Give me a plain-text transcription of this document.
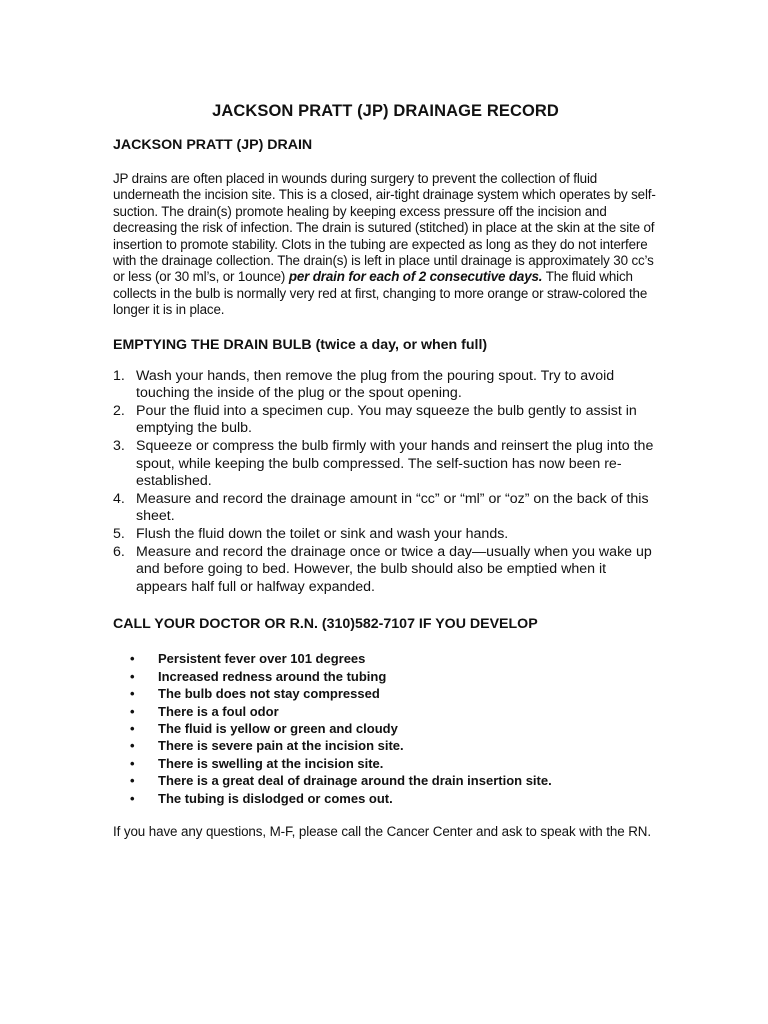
JACKSON PRATT (JP) DRAINAGE RECORD
JACKSON PRATT (JP) DRAIN

JP drains are often placed in wounds during surgery to prevent the collection of fluid underneath the incision site. This is a closed, air-tight drainage system which operates by self-suction. The drain(s) promote healing by keeping excess pressure off the incision and decreasing the risk of infection. The drain is sutured (stitched) in place at the skin at the site of insertion to promote stability. Clots in the tubing are expected as long as they do not interfere with the drainage collection. The drain(s) is left in place until drainage is approximately 30 cc’s or less (or 30 ml’s, or 1ounce) per drain for each of 2 consecutive days. The fluid which collects in the bulb is normally very red at first, changing to more orange or straw-colored the longer it is in place.

EMPTYING THE DRAIN BULB (twice a day, or when full)
1. Wash your hands, then remove the plug from the pouring spout. Try to avoid touching the inside of the plug or the spout opening.
2. Pour the fluid into a specimen cup. You may squeeze the bulb gently to assist in emptying the bulb.
3. Squeeze or compress the bulb firmly with your hands and reinsert the plug into the spout, while keeping the bulb compressed. The self-suction has now been re-established.
4. Measure and record the drainage amount in “cc” or “ml” or “oz” on the back of this sheet.
5. Flush the fluid down the toilet or sink and wash your hands.
6. Measure and record the drainage once or twice a day—usually when you wake up and before going to bed. However, the bulb should also be emptied when it appears half full or halfway expanded.
CALL YOUR DOCTOR OR R.N. (310)582-7107 IF YOU DEVELOP
• Persistent fever over 101 degrees
• Increased redness around the tubing
• The bulb does not stay compressed
• There is a foul odor
• The fluid is yellow or green and cloudy
• There is severe pain at the incision site.
• There is swelling at the incision site.
• There is a great deal of drainage around the drain insertion site.
• The tubing is dislodged or comes out.

If you have any questions, M-F, please call the Cancer Center and ask to speak with the RN.
